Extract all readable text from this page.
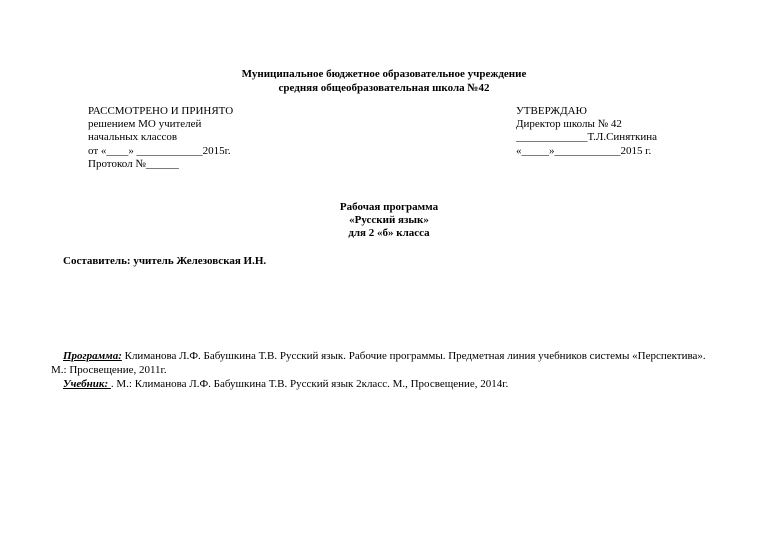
Муниципальное бюджетное образовательное учреждение
средняя общеобразовательная школа №42
РАССМОТРЕНО И ПРИНЯТО
решением МО учителей
начальных классов
от «____» ____________2015г.
Протокол №______
УТВЕРЖДАЮ
Директор школы № 42
_____________Т.Л.Синяткина
«_____»____________2015 г.
Рабочая программа
«Русский язык»
для 2 «б» класса
Составитель: учитель Железовская И.Н.
Программа: Климанова Л.Ф. Бабушкина Т.В. Русский язык. Рабочие программы. Предметная линия учебников системы «Перспектива».
М.: Просвещение, 2011г.
Учебник: . М.: Климанова Л.Ф. Бабушкина Т.В. Русский язык 2класс. М., Просвещение, 2014г.
